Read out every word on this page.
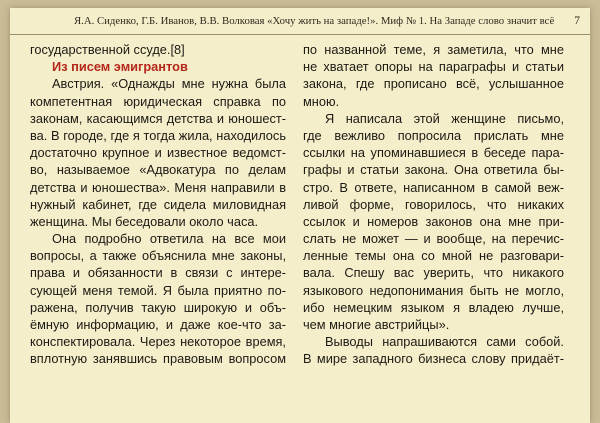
Я.А. Сиденко, Г.Б. Иванов, В.В. Волковая «Хочу жить на западе!». Миф № 1. На Западе слово значит всё 7
государственной ссуде.[8]
Из писем эмигрантов
Австрия. «Однажды мне нужна была
компетентная юридическая справка по
законам, касающимся детства и юношест-
ва. В городе, где я тогда жила, находилось
достаточно крупное и известное ведомст-
во, называемое «Адвокатура по делам
детства и юношества». Меня направили в
нужный кабинет, где сидела миловидная
женщина. Мы беседовали около часа.
Она подробно ответила на все мои
вопросы, а также объяснила мне законы,
права и обязанности в связи с интере-
сующей меня темой. Я была приятно по-
ражена, получив такую широкую и объ-
ёмную информацию, и даже кое-что за-
конспектировала. Через некоторое время,
вплотную занявшись правовым вопросом
по названной теме, я заметила, что мне
не хватает опоры на параграфы и статьи
закона, где прописано всё, услышанное
мною.
Я написала этой женщине письмо,
где вежливо попросила прислать мне
ссылки на упоминавшиеся в беседе пара-
графы и статьи закона. Она ответила бы-
стро. В ответе, написанном в самой веж-
ливой форме, говорилось, что никаких
ссылок и номеров законов она мне при-
слать не может — и вообще, на перечис-
ленные темы она со мной не разговари-
вала. Спешу вас уверить, что никакого
языкового недопонимания быть не могло,
ибо немецким языком я владею лучше,
чем многие австрийцы».
Выводы напрашиваются сами собой.
В мире западного бизнеса слову придаёт-
